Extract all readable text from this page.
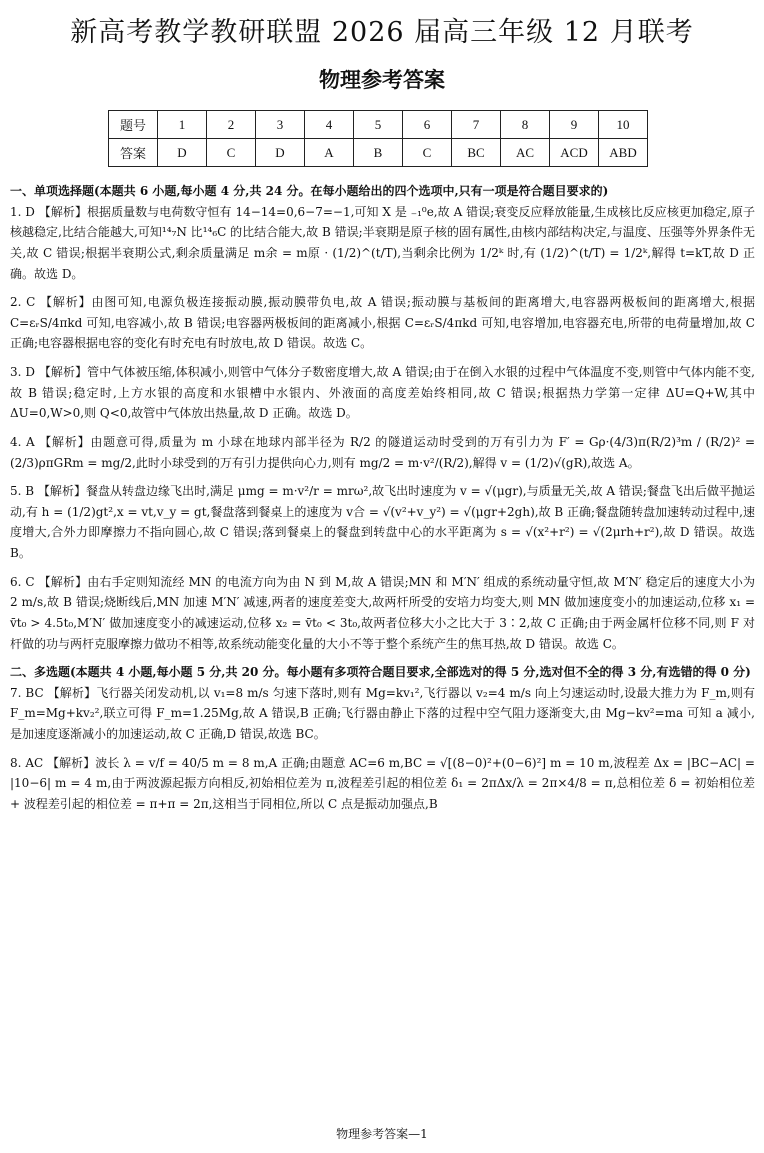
新高考教学教研联盟 2026 届高三年级 12 月联考
物理参考答案
题号	1	2	3	4	5	6	7	8	9	10
答案	D	C	D	A	B	C	BC	AC	ACD	ABD

一、单项选择题(本题共 6 小题,每小题 4 分,共 24 分。在每小题给出的四个选项中,只有一项是符合题目要求的)

1. D 【解析】根据质量数与电荷数守恒有 14−14=0,6−7=−1,可知 X 是 ₋₁⁰e,故 A 错误;衰变反应释放能量,生成核比反应核更加稳定,原子核越稳定,比结合能越大,可知¹⁴₇N 比¹⁴₆C 的比结合能大,故 B 错误;半衰期是原子核的固有属性,由核内部结构决定,与温度、压强等外界条件无关,故 C 错误;根据半衰期公式,剩余质量满足 m余 = m原 · (1/2)^(t/T),当剩余比例为 1/2ᵏ 时,有 (1/2)^(t/T) = 1/2ᵏ,解得 t=kT,故 D 正确。故选 D。

2. C 【解析】由图可知,电源负极连接振动膜,振动膜带负电,故 A 错误;振动膜与基板间的距离增大,电容器两极板间的距离增大,根据 C=εᵣS/4πkd 可知,电容减小,故 B 错误;电容器两极板间的距离减小,根据 C=εᵣS/4πkd 可知,电容增加,电容器充电,所带的电荷量增加,故 C 正确;电容器根据电容的变化有时充电有时放电,故 D 错误。故选 C。

3. D 【解析】管中气体被压缩,体积减小,则管中气体分子数密度增大,故 A 错误;由于在倒入水银的过程中气体温度不变,则管中气体内能不变,故 B 错误;稳定时,上方水银的高度和水银槽中水银内、外液面的高度差始终相同,故 C 错误;根据热力学第一定律 ΔU=Q+W,其中 ΔU=0,W>0,则 Q<0,故管中气体放出热量,故 D 正确。故选 D。

4. A 【解析】由题意可得,质量为 m 小球在地球内部半径为 R/2 的隧道运动时受到的万有引力为 F′ = Gρ·(4/3)π(R/2)³m / (R/2)² = (2/3)ρπGRm = mg/2,此时小球受到的万有引力提供向心力,则有 mg/2 = m·v²/(R/2),解得 v = (1/2)√(gR),故选 A。

5. B 【解析】餐盘从转盘边缘飞出时,满足 μmg = m·v²/r = mrω²,故飞出时速度为 v = √(μgr),与质量无关,故 A 错误;餐盘飞出后做平抛运动,有 h = (1/2)gt²,x = vt,v_y = gt,餐盘落到餐桌上的速度为 v合 = √(v²+v_y²) = √(μgr+2gh),故 B 正确;餐盘随转盘加速转动过程中,速度增大,合外力即摩擦力不指向圆心,故 C 错误;落到餐桌上的餐盘到转盘中心的水平距离为 s = √(x²+r²) = √(2μrh+r²),故 D 错误。故选 B。

6. C 【解析】由右手定则知流经 MN 的电流方向为由 N 到 M,故 A 错误;MN 和 M′N′ 组成的系统动量守恒,故 M′N′ 稳定后的速度大小为 2 m/s,故 B 错误;烧断线后,MN 加速 M′N′ 减速,两者的速度差变大,故两杆所受的安培力均变大,则 MN 做加速度变小的加速运动,位移 x₁ = v̄t₀ > 4.5t₀,M′N′ 做加速度变小的减速运动,位移 x₂ = v̄t₀ < 3t₀,故两者位移大小之比大于 3∶2,故 C 正确;由于两金属杆位移不同,则 F 对杆做的功与两杆克服摩擦力做功不相等,故系统动能变化量的大小不等于整个系统产生的焦耳热,故 D 错误。故选 C。

二、多选题(本题共 4 小题,每小题 5 分,共 20 分。每小题有多项符合题目要求,全部选对的得 5 分,选对但不全的得 3 分,有选错的得 0 分)

7. BC 【解析】飞行器关闭发动机,以 v₁=8 m/s 匀速下落时,则有 Mg=kv₁²,飞行器以 v₂=4 m/s 向上匀速运动时,设最大推力为 F_m,则有 F_m=Mg+kv₂²,联立可得 F_m=1.25Mg,故 A 错误,B 正确;飞行器由静止下落的过程中空气阻力逐渐变大,由 Mg−kv²=ma 可知 a 减小,是加速度逐渐减小的加速运动,故 C 正确,D 错误,故选 BC。

8. AC 【解析】波长 λ = v/f = 40/5 m = 8 m,A 正确;由题意 AC=6 m,BC = √[(8−0)²+(0−6)²] m = 10 m,波程差 Δx = |BC−AC| = |10−6| m = 4 m,由于两波源起振方向相反,初始相位差为 π,波程差引起的相位差 δ₁ = 2πΔx/λ = 2π×4/8 = π,总相位差 δ = 初始相位差 + 波程差引起的相位差 = π+π = 2π,这相当于同相位,所以 C 点是振动加强点,B

物理参考答案—1
